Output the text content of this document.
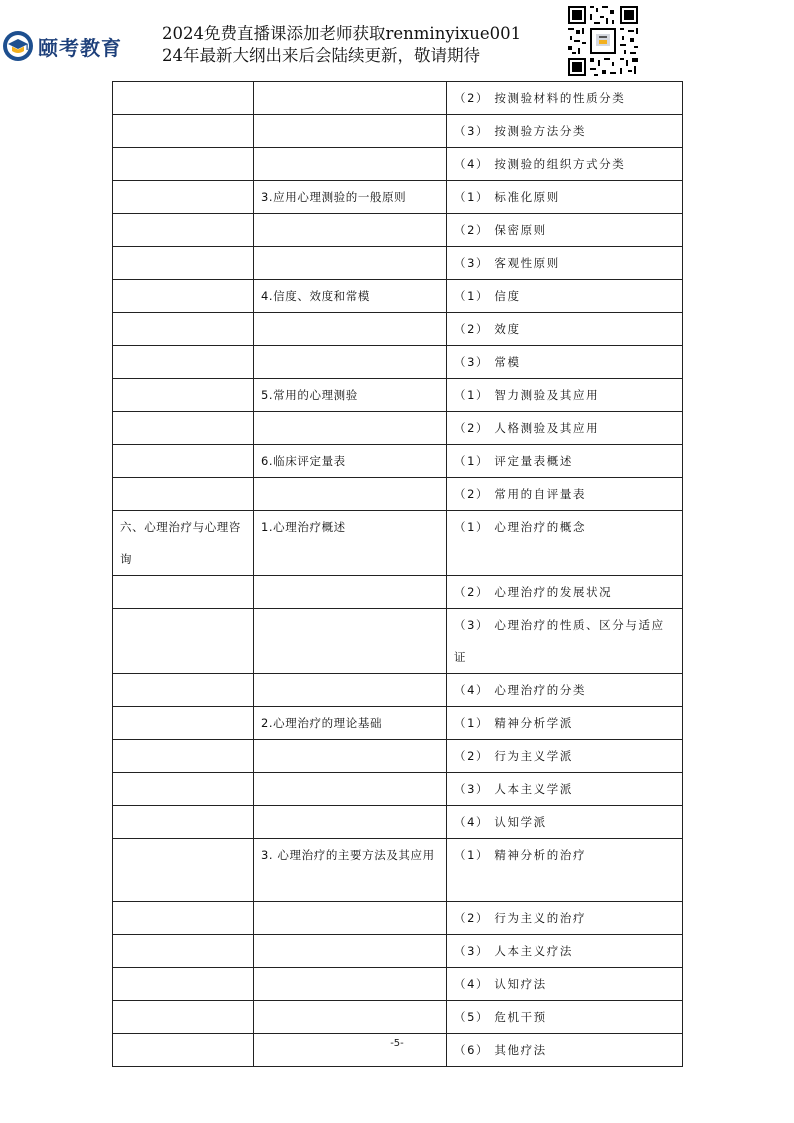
颐考教育
2024免费直播课添加老师获取renminyixue001
24年最新大纲出来后会陆续更新，敬请期待

		（2） 按测验材料的性质分类

		（3） 按测验方法分类

		（4） 按测验的组织方式分类

	3.应用心理测验的一般原则	（1） 标准化原则

		（2） 保密原则

		（3） 客观性原则

	4.信度、效度和常模	（1） 信度

		（2） 效度

		（3） 常模

	5.常用的心理测验	（1） 智力测验及其应用

		（2） 人格测验及其应用

	6.临床评定量表	（1） 评定量表概述

		（2） 常用的自评量表

六、心理治疗与心理咨询	1.心理治疗概述	（1） 心理治疗的概念

		（2） 心理治疗的发展状况

		（3） 心理治疗的性质、区分与适应证

		（4） 心理治疗的分类

	2.心理治疗的理论基础	（1） 精神分析学派

		（2） 行为主义学派

		（3） 人本主义学派

		（4） 认知学派

	3. 心理治疗的主要方法及其应用	（1） 精神分析的治疗

		（2） 行为主义的治疗

		（3） 人本主义疗法

		（4） 认知疗法

		（5） 危机干预

		（6） 其他疗法
-5-
